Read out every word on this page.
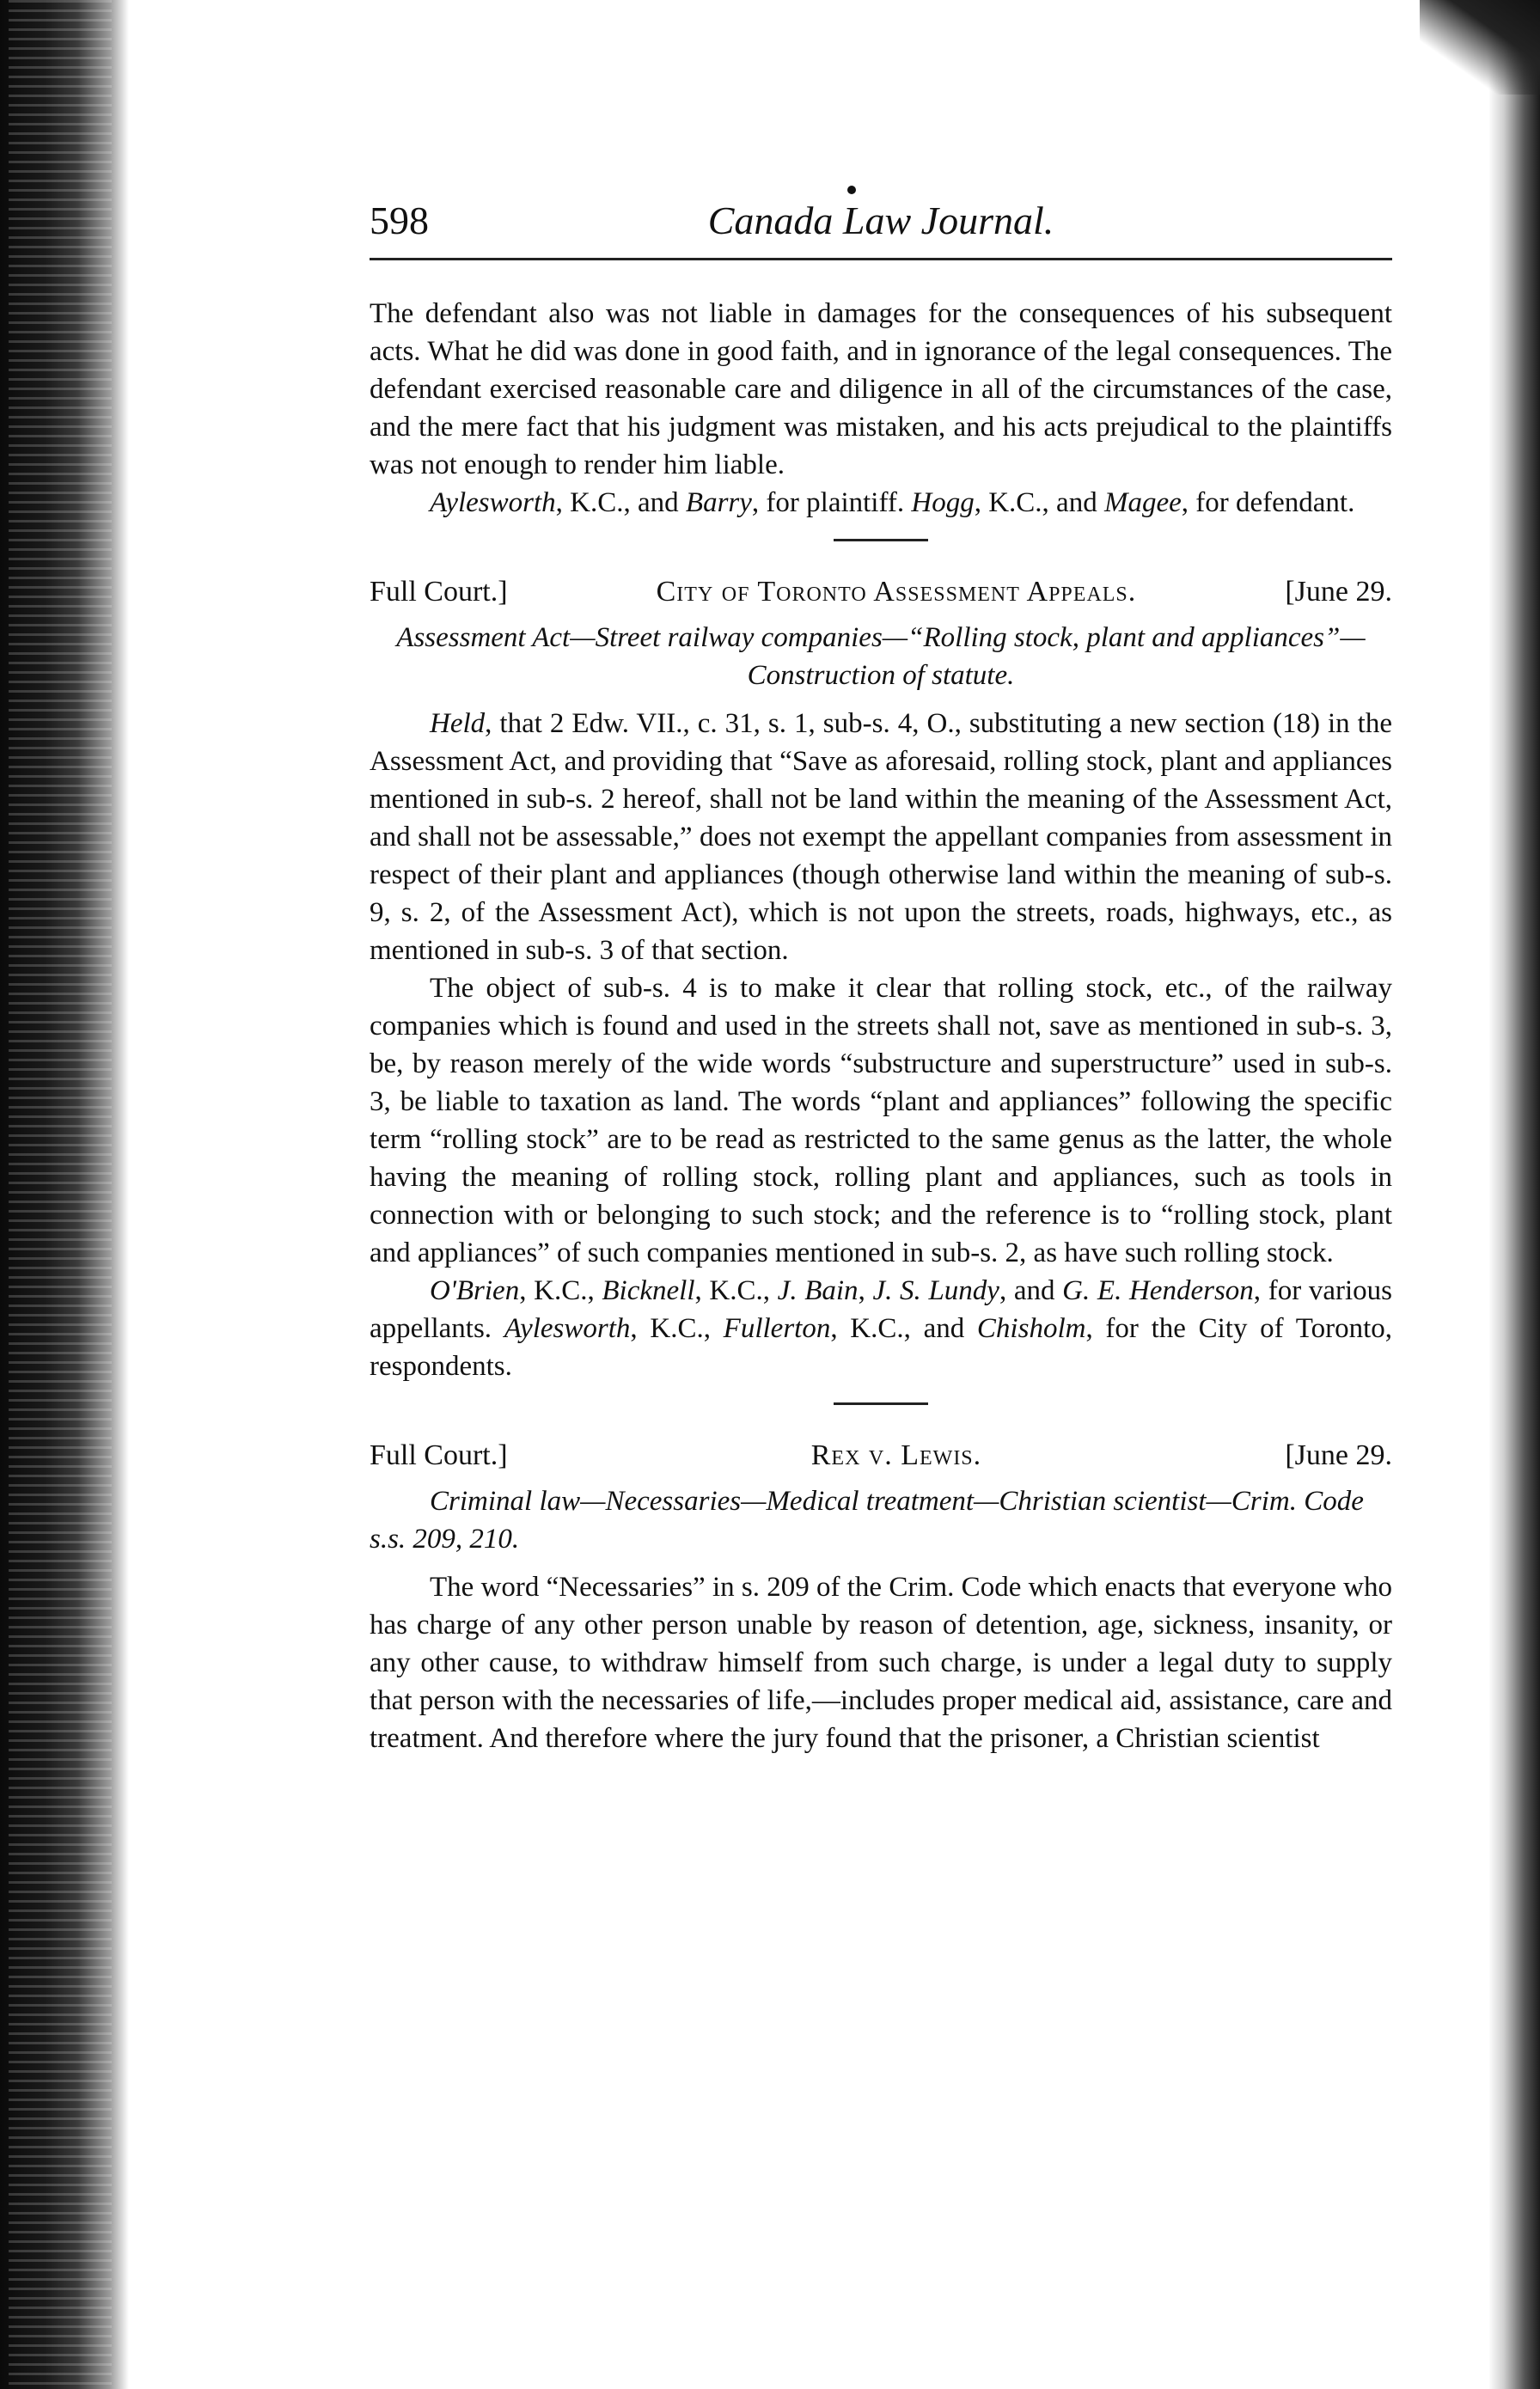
598	Canada Law Journal.
The defendant also was not liable in damages for the consequences of his subsequent acts. What he did was done in good faith, and in ignorance of the legal consequences. The defendant exercised reasonable care and diligence in all of the circumstances of the case, and the mere fact that his judgment was mistaken, and his acts prejudical to the plaintiffs was not enough to render him liable.
Aylesworth, K.C., and Barry, for plaintiff. Hogg, K.C., and Magee, for defendant.
Full Court.]	City of Toronto Assessment Appeals.	[June 29.
Assessment Act—Street railway companies—“Rolling stock, plant and appliances”—Construction of statute.
Held, that 2 Edw. VII., c. 31, s. 1, sub-s. 4, O., substituting a new section (18) in the Assessment Act, and providing that “Save as aforesaid, rolling stock, plant and appliances mentioned in sub-s. 2 hereof, shall not be land within the meaning of the Assessment Act, and shall not be assessable,” does not exempt the appellant companies from assessment in respect of their plant and appliances (though otherwise land within the meaning of sub-s. 9, s. 2, of the Assessment Act), which is not upon the streets, roads, highways, etc., as mentioned in sub-s. 3 of that section.
The object of sub-s. 4 is to make it clear that rolling stock, etc., of the railway companies which is found and used in the streets shall not, save as mentioned in sub-s. 3, be, by reason merely of the wide words “substructure and superstructure” used in sub-s. 3, be liable to taxation as land. The words “plant and appliances” following the specific term “rolling stock” are to be read as restricted to the same genus as the latter, the whole having the meaning of rolling stock, rolling plant and appliances, such as tools in connection with or belonging to such stock; and the reference is to “rolling stock, plant and appliances” of such companies mentioned in sub-s. 2, as have such rolling stock.
O'Brien, K.C., Bicknell, K.C., J. Bain, J. S. Lundy, and G. E. Henderson, for various appellants. Aylesworth, K.C., Fullerton, K.C., and Chisholm, for the City of Toronto, respondents.
Full Court.]	Rex v. Lewis.	[June 29.
Criminal law—Necessaries—Medical treatment—Christian scientist—Crim. Code s.s. 209, 210.
The word “Necessaries” in s. 209 of the Crim. Code which enacts that everyone who has charge of any other person unable by reason of detention, age, sickness, insanity, or any other cause, to withdraw himself from such charge, is under a legal duty to supply that person with the necessaries of life,—includes proper medical aid, assistance, care and treatment. And therefore where the jury found that the prisoner, a Christian scientist
